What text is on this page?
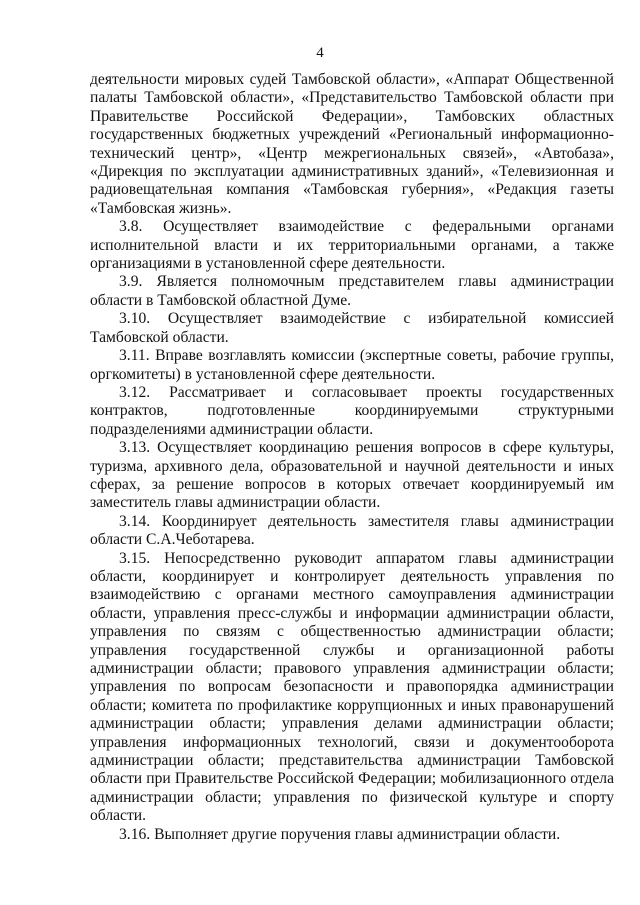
4

деятельности мировых судей Тамбовской области», «Аппарат Общественной палаты Тамбовской области», «Представительство Тамбовской области при Правительстве Российской Федерации», Тамбовских областных государственных бюджетных учреждений «Региональный информационно-технический центр», «Центр межрегиональных связей», «Автобаза», «Дирекция по эксплуатации административных зданий», «Телевизионная и радиовещательная компания «Тамбовская губерния», «Редакция газеты «Тамбовская жизнь».

3.8. Осуществляет взаимодействие с федеральными органами исполнительной власти и их территориальными органами, а также организациями в установленной сфере деятельности.

3.9. Является полномочным представителем главы администрации области в Тамбовской областной Думе.

3.10. Осуществляет взаимодействие с избирательной комиссией Тамбовской области.

3.11. Вправе возглавлять комиссии (экспертные советы, рабочие группы, оргкомитеты) в установленной сфере деятельности.

3.12. Рассматривает и согласовывает проекты государственных контрактов, подготовленные координируемыми структурными подразделениями администрации области.

3.13. Осуществляет координацию решения вопросов в сфере культуры, туризма, архивного дела, образовательной и научной деятельности и иных сферах, за решение вопросов в которых отвечает координируемый им заместитель главы администрации области.

3.14. Координирует деятельность заместителя главы администрации области С.А.Чеботарева.

3.15. Непосредственно руководит аппаратом главы администрации области, координирует и контролирует деятельность управления по взаимодействию с органами местного самоуправления администрации области, управления пресс-службы и информации администрации области, управления по связям с общественностью администрации области; управления государственной службы и организационной работы администрации области; правового управления администрации области; управления по вопросам безопасности и правопорядка администрации области; комитета по профилактике коррупционных и иных правонарушений администрации области; управления делами администрации области; управления информационных технологий, связи и документооборота администрации области; представительства администрации Тамбовской области при Правительстве Российской Федерации; мобилизационного отдела администрации области; управления по физической культуре и спорту области.

3.16. Выполняет другие поручения главы администрации области.
